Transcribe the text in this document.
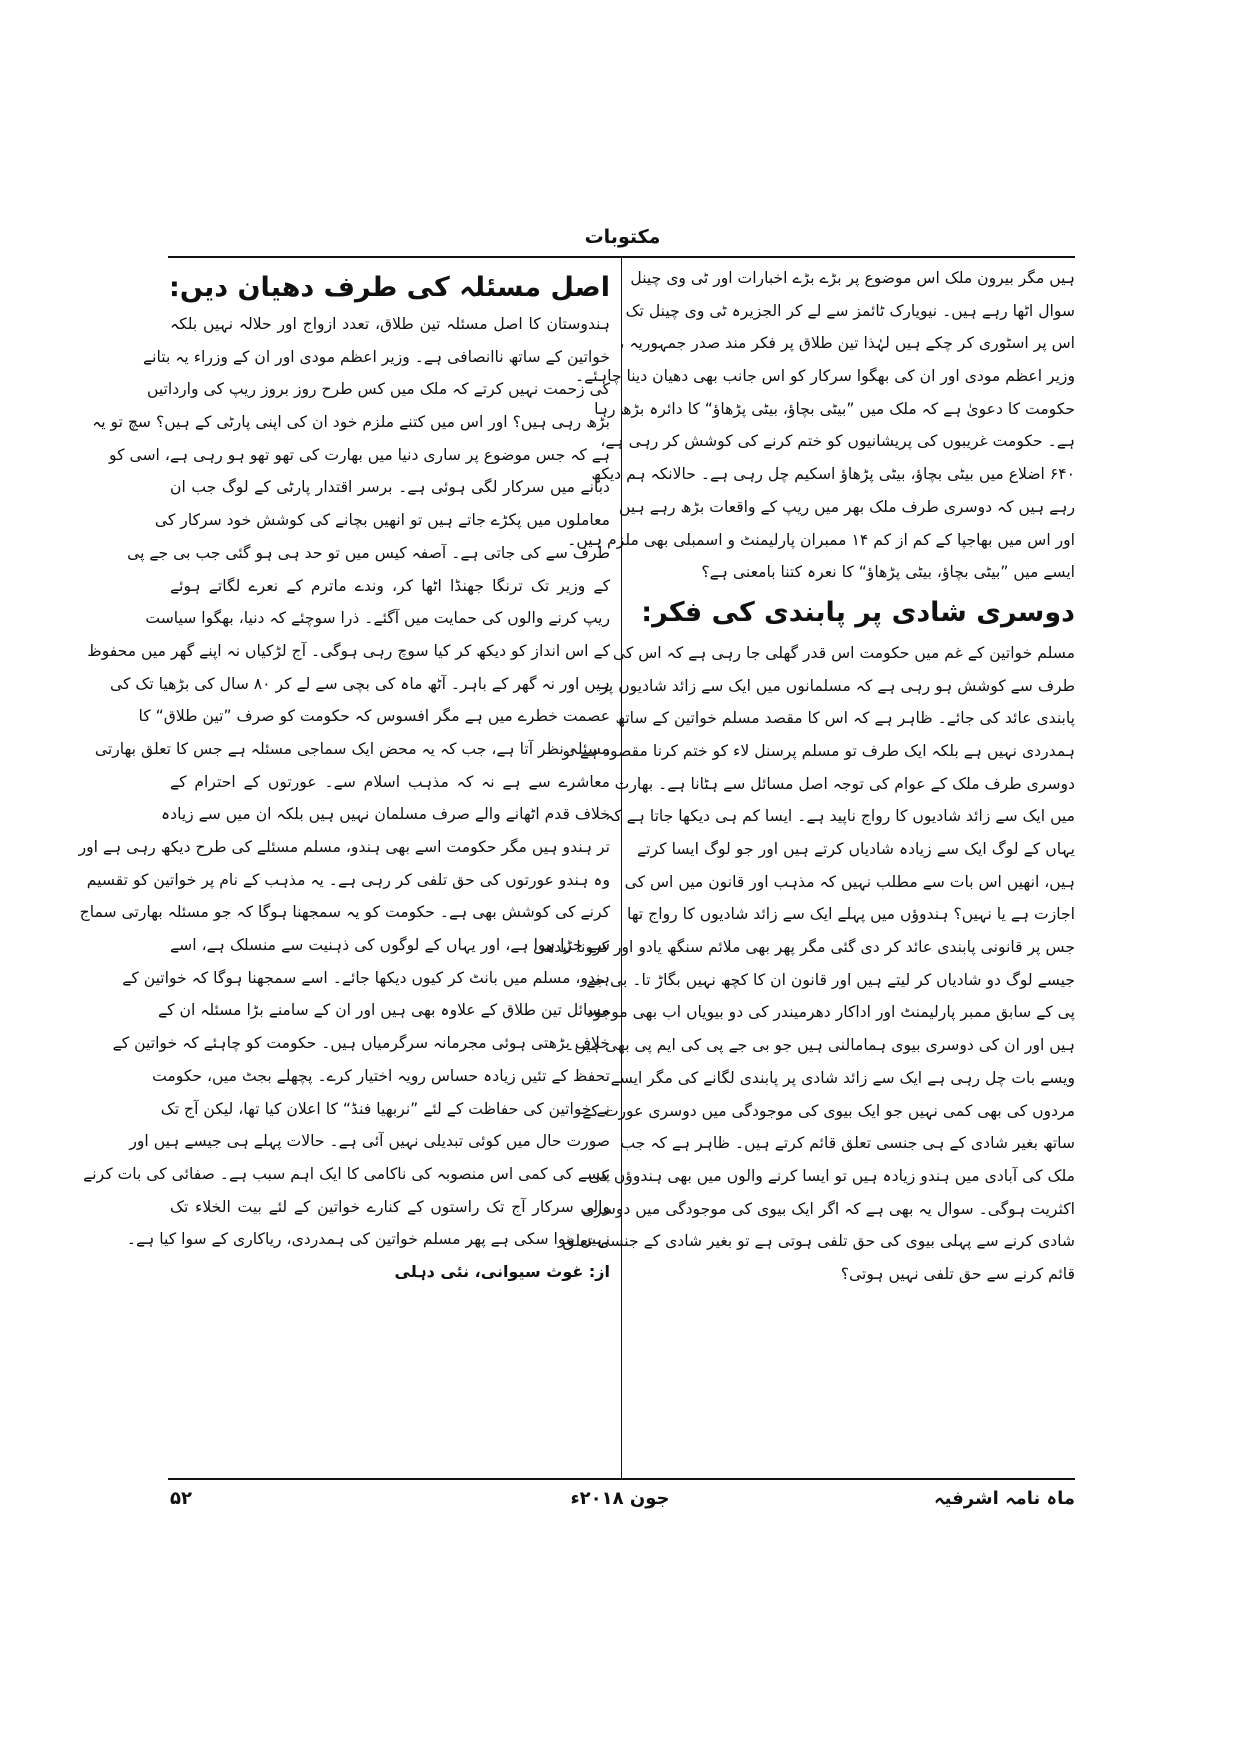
مکتوبات
ہیں مگر بیرون ملک اس موضوع پر بڑے بڑے اخبارات اور ٹی وی چینل
سوال اٹھا رہے ہیں۔ نیویارک ٹائمز سے لے کر الجزیرہ ٹی وی چینل تک
اس پر اسٹوری کر چکے ہیں لہٰذا تین طلاق پر فکر مند صدر جمہوریہ ،
وزیر اعظم مودی اور ان کی بھگوا سرکار کو اس جانب بھی دھیان دینا چاہئے۔
حکومت کا دعویٰ ہے کہ ملک میں ”بیٹی بچاؤ، بیٹی پڑھاؤ“ کا دائرہ بڑھ رہا
ہے۔ حکومت غریبوں کی پریشانیوں کو ختم کرنے کی کوشش کر رہی ہے،
۶۴۰ اضلاع میں بیٹی بچاؤ، بیٹی پڑھاؤ اسکیم چل رہی ہے۔ حالانکہ ہم دیکھ
رہے ہیں کہ دوسری طرف ملک بھر میں ریپ کے واقعات بڑھ رہے ہیں
اور اس میں بھاجپا کے کم از کم ۱۴ ممبران پارلیمنٹ و اسمبلی بھی ملزم ہیں۔
ایسے میں ”بیٹی بچاؤ، بیٹی پڑھاؤ“ کا نعرہ کتنا بامعنی ہے؟
دوسری شادی پر پابندی کی فکر:
مسلم خواتین کے غم میں حکومت اس قدر گھلی جا رہی ہے کہ اس کی
طرف سے کوشش ہو رہی ہے کہ مسلمانوں میں ایک سے زائد شادیوں پر
پابندی عائد کی جائے۔ ظاہر ہے کہ اس کا مقصد مسلم خواتین کے ساتھ
ہمدردی نہیں ہے بلکہ ایک طرف تو مسلم پرسنل لاء کو ختم کرنا مقصود ہے تو
دوسری طرف ملک کے عوام کی توجہ اصل مسائل سے ہٹانا ہے۔ بھارت
میں ایک سے زائد شادیوں کا رواج ناپید ہے۔ ایسا کم ہی دیکھا جاتا ہے کہ
یہاں کے لوگ ایک سے زیادہ شادیاں کرتے ہیں اور جو لوگ ایسا کرتے
ہیں، انھیں اس بات سے مطلب نہیں کہ مذہب اور قانون میں اس کی
اجازت ہے یا نہیں؟ ہندوؤں میں پہلے ایک سے زائد شادیوں کا رواج تھا
جس پر قانونی پابندی عائد کر دی گئی مگر پھر بھی ملائم سنگھ یادو اور کرونا نیدھی
جیسے لوگ دو شادیاں کر لیتے ہیں اور قانون ان کا کچھ نہیں بگاڑ تا۔ بی جے
پی کے سابق ممبر پارلیمنٹ اور اداکار دھرمیندر کی دو بیویاں اب بھی موجود
ہیں اور ان کی دوسری بیوی ہمامالنی ہیں جو بی جے پی کی ایم پی بھی ہیں۔
ویسے بات چل رہی ہے ایک سے زائد شادی پر پابندی لگانے کی مگر ایسے
مردوں کی بھی کمی نہیں جو ایک بیوی کی موجودگی میں دوسری عورت کے
ساتھ بغیر شادی کے ہی جنسی تعلق قائم کرتے ہیں۔ ظاہر ہے کہ جب
ملک کی آبادی میں ہندو زیادہ ہیں تو ایسا کرنے والوں میں بھی ہندوؤں کی
اکثریت ہوگی۔ سوال یہ بھی ہے کہ اگر ایک بیوی کی موجودگی میں دوسری
شادی کرنے سے پہلی بیوی کی حق تلفی ہوتی ہے تو بغیر شادی کے جنسی تعلق
قائم کرنے سے حق تلفی نہیں ہوتی؟
اصل مسئلہ کی طرف دھیان دیں:
ہندوستان کا اصل مسئلہ تین طلاق، تعدد ازواج اور حلالہ نہیں بلکہ
خواتین کے ساتھ ناانصافی ہے۔ وزیر اعظم مودی اور ان کے وزراء یہ بتانے
کی زحمت نہیں کرتے کہ ملک میں کس طرح روز بروز ریپ کی وارداتیں
بڑھ رہی ہیں؟ اور اس میں کتنے ملزم خود ان کی اپنی پارٹی کے ہیں؟ سچ تو یہ
ہے کہ جس موضوع پر ساری دنیا میں بھارت کی تھو تھو ہو رہی ہے، اسی کو
دبانے میں سرکار لگی ہوئی ہے۔ برسر اقتدار پارٹی کے لوگ جب ان
معاملوں میں پکڑے جاتے ہیں تو انھیں بچانے کی کوشش خود سرکار کی
طرف سے کی جاتی ہے۔ آصفہ کیس میں تو حد ہی ہو گئی جب بی جے پی
کے وزیر تک ترنگا جھنڈا اٹھا کر، وندے ماترم کے نعرے لگاتے ہوئے
ریپ کرنے والوں کی حمایت میں آگئے۔ ذرا سوچئے کہ دنیا، بھگوا سیاست
کے اس انداز کو دیکھ کر کیا سوچ رہی ہوگی۔ آج لڑکیاں نہ اپنے گھر میں محفوظ
ہیں اور نہ گھر کے باہر۔ آٹھ ماہ کی بچی سے لے کر ۸۰ سال کی بڑھیا تک کی
عصمت خطرے میں ہے مگر افسوس کہ حکومت کو صرف ”تین طلاق“ کا
مسئلہ نظر آتا ہے، جب کہ یہ محض ایک سماجی مسئلہ ہے جس کا تعلق بھارتی
معاشرے سے ہے نہ کہ مذہب اسلام سے۔ عورتوں کے احترام کے
خلاف قدم اٹھانے والے صرف مسلمان نہیں ہیں بلکہ ان میں سے زیادہ
تر ہندو ہیں مگر حکومت اسے بھی ہندو، مسلم مسئلے کی طرح دیکھ رہی ہے اور
وہ ہندو عورتوں کی حق تلفی کر رہی ہے۔ یہ مذہب کے نام پر خواتین کو تقسیم
کرنے کی کوشش بھی ہے۔ حکومت کو یہ سمجھنا ہوگا کہ جو مسئلہ بھارتی سماج
سے جڑا ہوا ہے، اور یہاں کے لوگوں کی ذہنیت سے منسلک ہے، اسے
ہندو، مسلم میں بانٹ کر کیوں دیکھا جائے۔ اسے سمجھنا ہوگا کہ خواتین کے
مسائل تین طلاق کے علاوہ بھی ہیں اور ان کے سامنے بڑا مسئلہ ان کے
خلاف بڑھتی ہوئی مجرمانہ سرگرمیاں ہیں۔ حکومت کو چاہئے کہ خواتین کے
تحفظ کے تئیں زیادہ حساس رویہ اختیار کرے۔ پچھلے بجٹ میں، حکومت
نے خواتین کی حفاظت کے لئے ”نربھیا فنڈ“ کا اعلان کیا تھا، لیکن آج تک
صورت حال میں کوئی تبدیلی نہیں آئی ہے۔ حالات پہلے ہی جیسے ہیں اور
پیسے کی کمی اس منصوبہ کی ناکامی کا ایک اہم سبب ہے۔ صفائی کی بات کرنے
والی سرکار آج تک راستوں کے کنارے خواتین کے لئے بیت الخلاء تک
نہیں بنوا سکی ہے پھر مسلم خواتین کی ہمدردی، ریاکاری کے سوا کیا ہے۔
از: غوث سیوانی، نئی دہلی
ماہ نامہ اشرفیہ
جون ۲۰۱۸ء
۵۲
